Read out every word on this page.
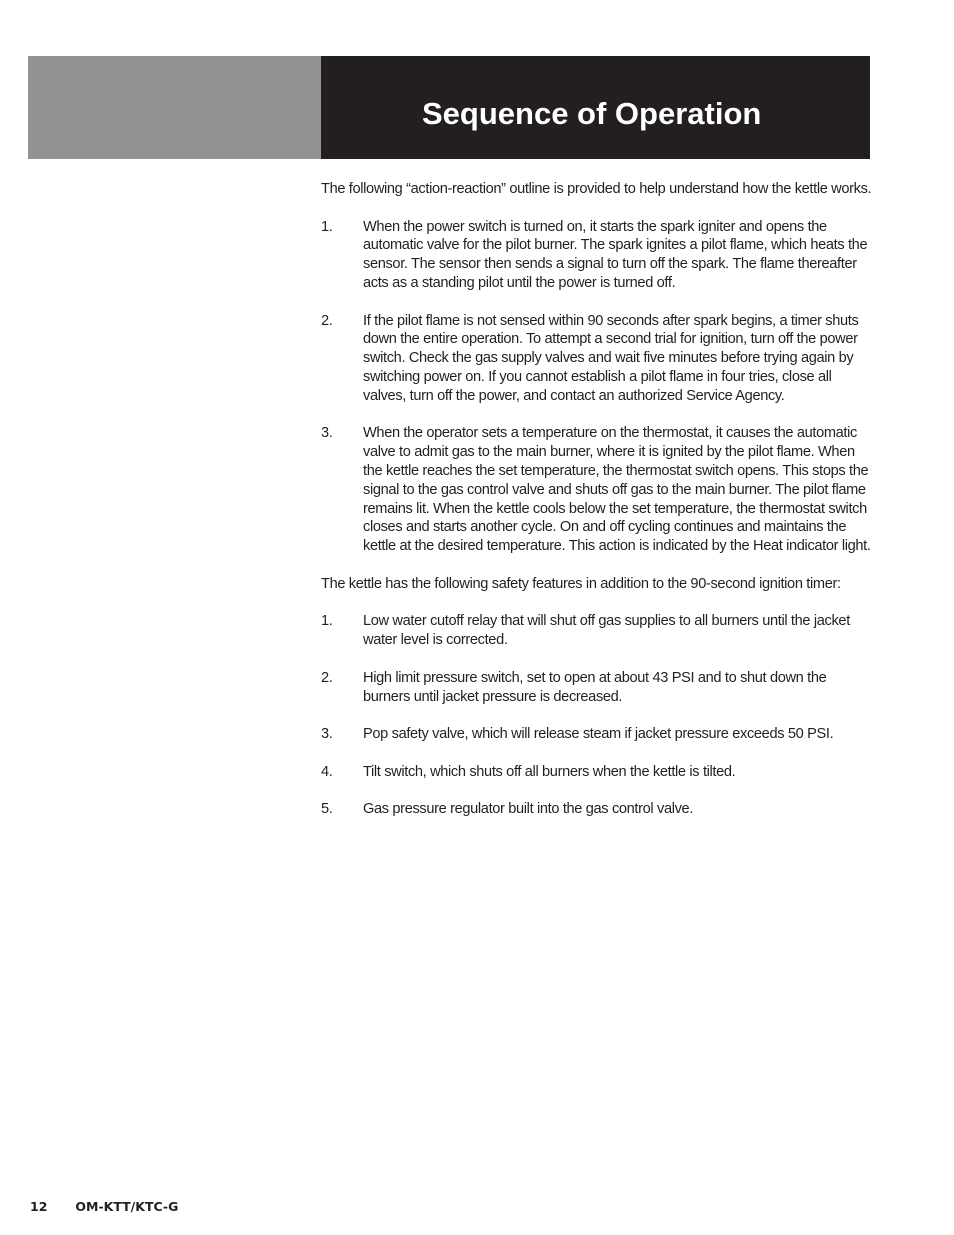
Sequence of Operation

The following “action-reaction” outline is provided to help understand how the kettle works.

1.	When the power switch is turned on, it starts the spark igniter and opens the automatic valve for the pilot burner. The spark ignites a pilot flame, which heats the sensor. The sensor then sends a signal to turn off the spark. The flame thereafter acts as a standing pilot until the power is turned off.
2.	If the pilot flame is not sensed within 90 seconds after spark begins, a timer shuts down the entire operation. To attempt a second trial for ignition, turn off the power switch. Check the gas supply valves and wait five minutes before trying again by switching power on. If you cannot establish a pilot flame in four tries, close all valves, turn off the power, and contact an authorized Service Agency.
3.	When the operator sets a temperature on the thermostat, it causes the automatic valve to admit gas to the main burner, where it is ignited by the pilot flame. When the kettle reaches the set temperature, the thermostat switch opens. This stops the signal to the gas control valve and shuts off gas to the main burner. The pilot flame remains lit. When the kettle cools below the set temperature, the thermostat switch closes and starts another cycle. On and off cycling continues and maintains the kettle at the desired temperature. This action is indicated by the Heat indicator light.

The kettle has the following safety features in addition to the 90-second ignition timer:

1.	Low water cutoff relay that will shut off gas supplies to all burners until the jacket water level is corrected.
2.	High limit pressure switch, set to open at about 43 PSI and to shut down the burners until jacket pressure is decreased.
3.	Pop safety valve, which will release steam if jacket pressure exceeds 50 PSI.
4.	Tilt switch, which shuts off all burners when the kettle is tilted.
5.	Gas pressure regulator built into the gas control valve.
12 OM-KTT/KTC-G
